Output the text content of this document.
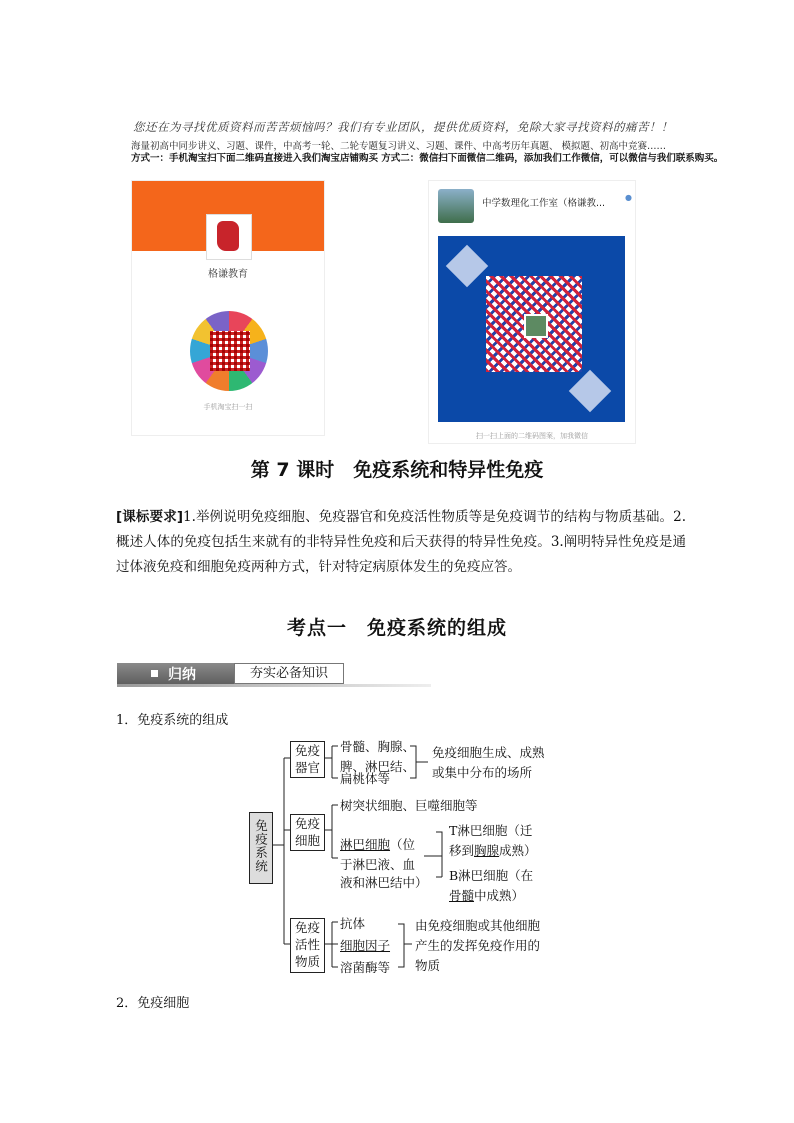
您还在为寻找优质资料而苦苦烦恼吗？我们有专业团队，提供优质资料，免除大家寻找资料的痛苦！！
海量初高中同步讲义、习题、课件，中高考一轮、二轮专题复习讲义、习题、课件、中高考历年真题、 模拟题、初高中竞赛……
方式一：手机淘宝扫下面二维码直接进入我们淘宝店铺购买 方式二：微信扫下面微信二维码，添加我们工作微信，可以微信与我们联系购买。
格谦教育
手机淘宝扫一扫
中学数理化工作室（格谦教...
●
扫一扫上面的二维码图案，加我微信
第 7 课时　免疫系统和特异性免疫
[课标要求]1.举例说明免疫细胞、免疫器官和免疫活性物质等是免疫调节的结构与物质基础。2.概述人体的免疫包括生来就有的非特异性免疫和后天获得的特异性免疫。3.阐明特异性免疫是通过体液免疫和细胞免疫两种方式，针对特定病原体发生的免疫应答。
考点一　免疫系统的组成
归纳	夯实必备知识
1．免疫系统的组成
免疫系统
免疫器官
骨髓、胸腺、
脾、淋巴结、
扁桃体等
免疫细胞生成、成熟
或集中分布的场所
免疫细胞
树突状细胞、巨噬细胞等
淋巴细胞（位
于淋巴液、血
液和淋巴结中）
T淋巴细胞（迁
移到胸腺成熟）
B淋巴细胞（在
骨髓中成熟）
免疫活性物质
抗体
细胞因子
溶菌酶等
由免疫细胞或其他细胞
产生的发挥免疫作用的
物质
2．免疫细胞
